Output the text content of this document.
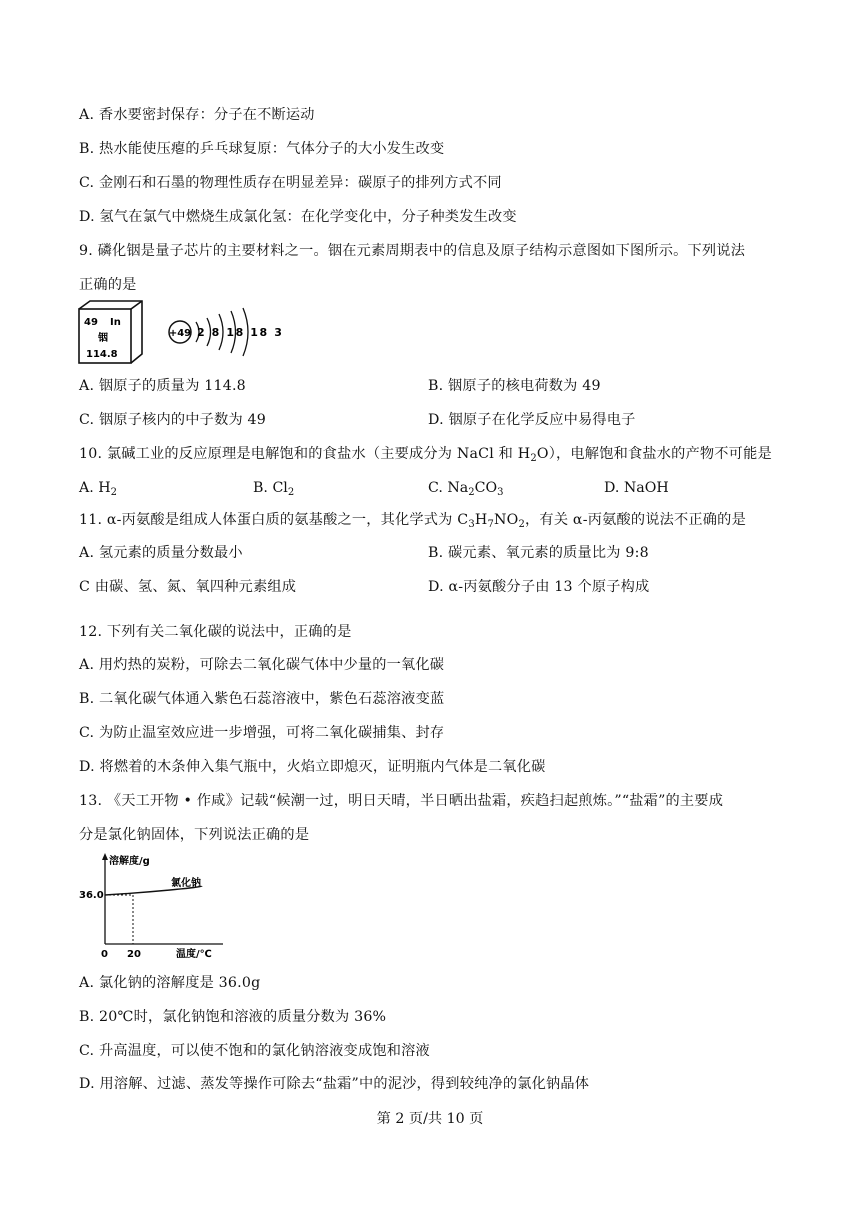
A. 香水要密封保存：分子在不断运动
B. 热水能使压瘪的乒乓球复原：气体分子的大小发生改变
C. 金刚石和石墨的物理性质存在明显差异：碳原子的排列方式不同
D. 氢气在氯气中燃烧生成氯化氢：在化学变化中，分子种类发生改变
9. 磷化铟是量子芯片的主要材料之一。铟在元素周期表中的信息及原子结构示意图如下图所示。下列说法
正确的是
49 In
铟
114.8
+49 2 8 18 18 3
A. 铟原子的质量为 114.8	B. 铟原子的核电荷数为 49
C. 铟原子核内的中子数为 49	D. 铟原子在化学反应中易得电子
10. 氯碱工业的反应原理是电解饱和的食盐水（主要成分为 NaCl 和 $H_2O$），电解饱和食盐水的产物不可能是
A. $H_2$	B. $Cl_2$	C. $Na_2CO_3$	D. NaOH
11. α-丙氨酸是组成人体蛋白质的氨基酸之一，其化学式为 $C_3H_7NO_2$，有关 α-丙氨酸的说法不正确的是
A. 氢元素的质量分数最小	B. 碳元素、氧元素的质量比为 9:8
C 由碳、氢、氮、氧四种元素组成	D. α-丙氨酸分子由 13 个原子构成
12. 下列有关二氧化碳的说法中，正确的是
A. 用灼热的炭粉，可除去二氧化碳气体中少量的一氧化碳
B. 二氧化碳气体通入紫色石蕊溶液中，紫色石蕊溶液变蓝
C. 为防止温室效应进一步增强，可将二氧化碳捕集、封存
D. 将燃着的木条伸入集气瓶中，火焰立即熄灭，证明瓶内气体是二氧化碳
13. 《天工开物 • 作咸》记载“候潮一过，明日天晴，半日晒出盐霜，疾趋扫起煎炼。”“盐霜”的主要成
分是氯化钠固体，下列说法正确的是
溶解度/g
氯化钠
36.0
0 20	温度/℃
A. 氯化钠的溶解度是 36.0g
B. 20℃时，氯化钠饱和溶液的质量分数为 36%
C. 升高温度，可以使不饱和的氯化钠溶液变成饱和溶液
D. 用溶解、过滤、蒸发等操作可除去“盐霜”中的泥沙，得到较纯净的氯化钠晶体
第 2 页/共 10 页
